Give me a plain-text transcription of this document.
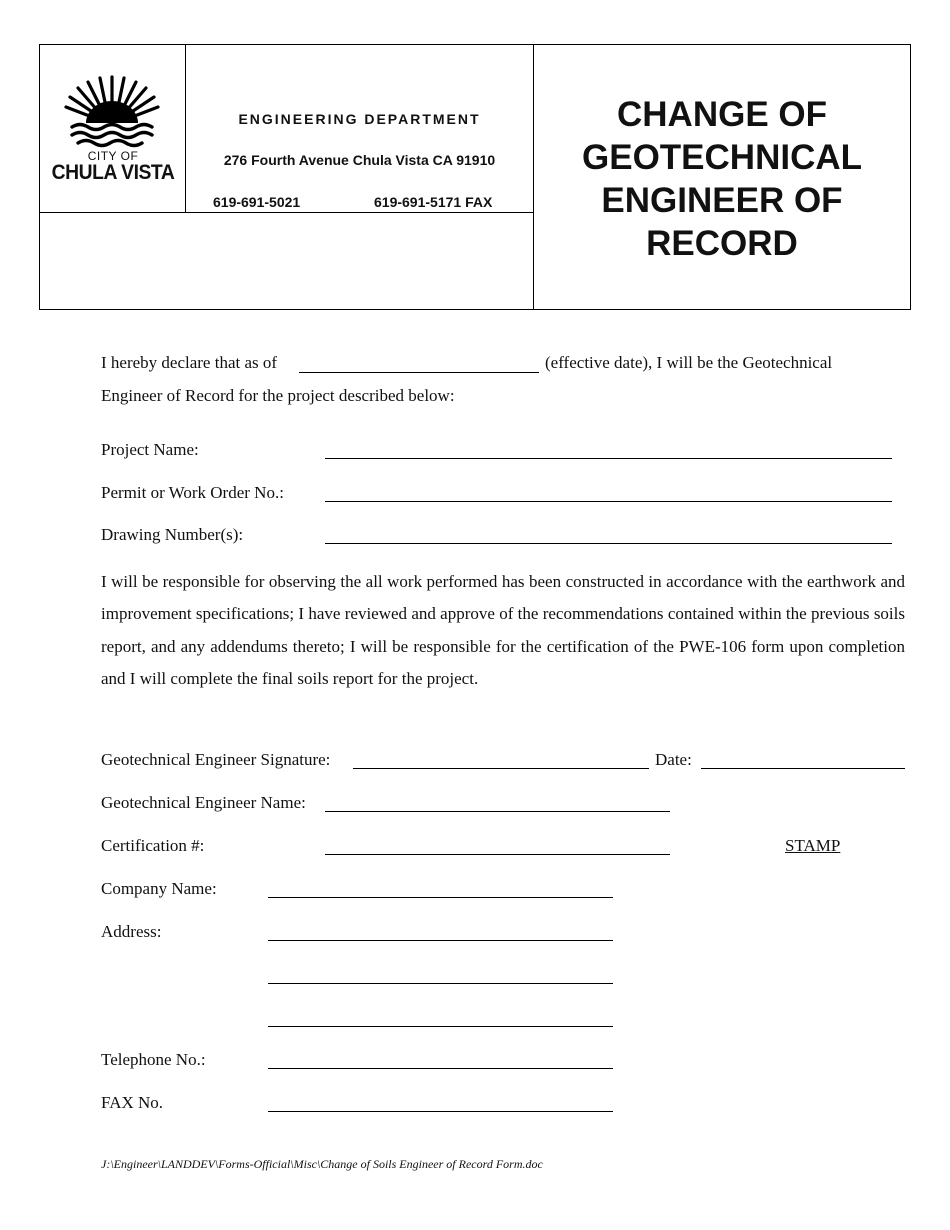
CITY OF
CHULA VISTA
ENGINEERING DEPARTMENT
276 Fourth Avenue Chula Vista CA 91910
619-691-5021	619-691-5171 FAX
CHANGE OF
GEOTECHNICAL
ENGINEER OF
RECORD
I hereby declare that as of	(effective date), I will be the Geotechnical
Engineer of Record for the project described below:
Project Name:
Permit or Work Order No.:
Drawing Number(s):
I will be responsible for observing the all work performed has been constructed in accordance with the earthwork and improvement specifications; I have reviewed and approve of the recommendations contained within the previous soils report, and any addendums thereto; I will be responsible for the certification of the PWE-106 form upon completion and I will complete the final soils report for the project.
Geotechnical Engineer Signature:	Date:
Geotechnical Engineer Name:
Certification #:	STAMP
Company Name:
Address:
Telephone No.:
FAX No.
J:\Engineer\LANDDEV\Forms-Official\Misc\Change of Soils Engineer of Record Form.doc
